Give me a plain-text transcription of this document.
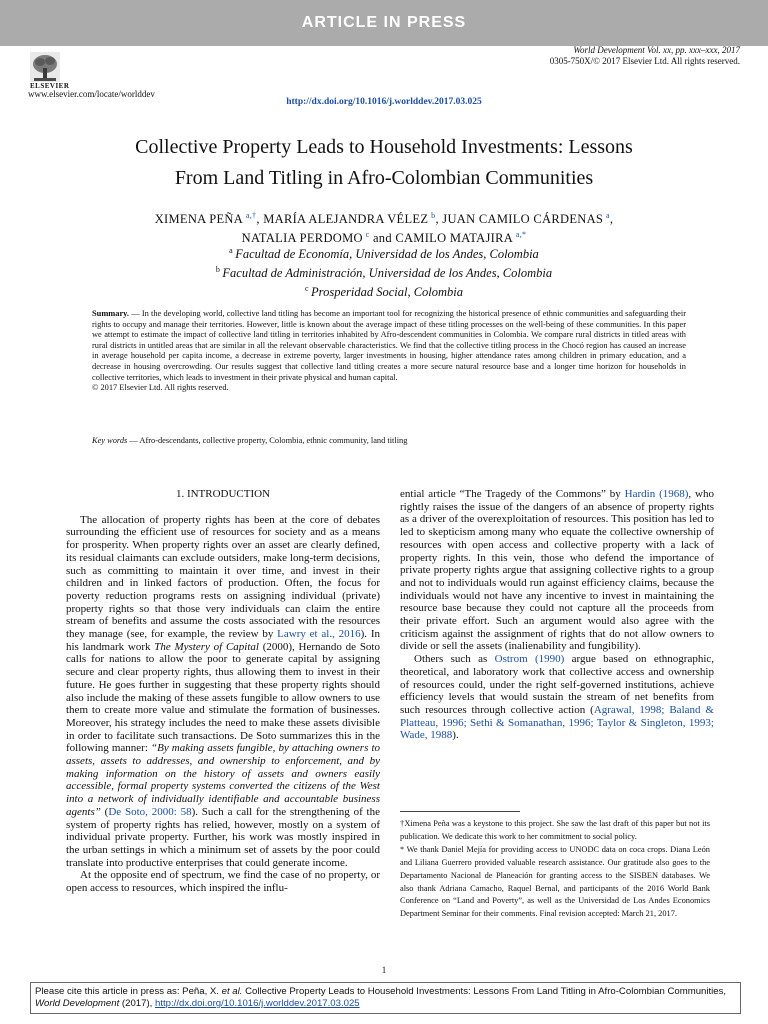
ARTICLE IN PRESS
ELSEVIER
www.elsevier.com/locate/worlddev
World Development Vol. xx, pp. xxx–xxx, 2017
0305-750X/© 2017 Elsevier Ltd. All rights reserved.
http://dx.doi.org/10.1016/j.worlddev.2017.03.025
Collective Property Leads to Household Investments: Lessons
From Land Titling in Afro-Colombian Communities
XIMENA PEÑA  $^{a,\dagger}$, MARÍA ALEJANDRA VÉLEZ  $^b$, JUAN CAMILO CÁRDENAS  $^a$,
NATALIA PERDOMO  $^c$ and CAMILO MATAJIRA  $^{a,*}$
$^a$  Facultad de Economía, Universidad de los Andes, Colombia
$^b$  Facultad de Administración, Universidad de los Andes, Colombia
$^c$  Prosperidad Social, Colombia
Summary. — In the developing world, collective land titling has become an important tool for recognizing the historical presence of ethnic communities and safeguarding their rights to occupy and manage their territories. However, little is known about the average impact of these titling processes on the well-being of these communities. In this paper we attempt to estimate the impact of collective land titling in territories inhabited by Afro-descendent communities in Colombia. We compare rural districts in titled areas with rural districts in untitled areas that are similar in all the relevant observable characteristics. We find that the collective titling process in the Chocó region has caused an increase in average household per capita income, a decrease in extreme poverty, larger investments in housing, higher attendance rates among children in primary education, and a decrease in housing overcrowding. Our results suggest that collective land titling creates a more secure natural resource base and a longer time horizon for households in collective territories, which leads to investment in their private physical and human capital.
© 2017 Elsevier Ltd. All rights reserved.
Key words — Afro-descendants, collective property, Colombia, ethnic community, land titling
1. INTRODUCTION

The allocation of property rights has been at the core of debates surrounding the efficient use of resources for society and as a means for prosperity. When property rights over an asset are clearly defined, its residual claimants can exclude outsiders, make long-term decisions, such as committing to maintain it over time, and invest in their children and in linked factors of production. Often, the focus for poverty reduction programs rests on assigning individual (private) property rights so that those very individuals can claim the entire stream of benefits and assume the costs associated with the resources they manage (see, for example, the review by Lawry et al., 2016). In his landmark work The Mystery of Capital (2000), Hernando de Soto calls for nations to allow the poor to generate capital by assigning secure and clear property rights, thus allowing them to invest in their future. He goes further in suggesting that these property rights should also include the making of these assets fungible to allow owners to use them to create more value and stimulate the formation of businesses. Moreover, his strategy includes the need to make these assets divisible in order to facilitate such transactions. De Soto summarizes this in the following manner: “By making assets fungible, by attaching owners to assets, assets to addresses, and ownership to enforcement, and by making information on the history of assets and owners easily accessible, formal property systems converted the citizens of the West into a network of individually identifiable and accountable business agents” (De Soto, 2000: 58). Such a call for the strengthening of the system of property rights has relied, however, mostly on a system of individual private property. Further, his work was mostly inspired in the urban settings in which a minimum set of assets by the poor could translate into productive enterprises that could generate income.

At the opposite end of spectrum, we find the case of no property, or open access to resources, which inspired the influ-

ential article “The Tragedy of the Commons” by Hardin (1968), who rightly raises the issue of the dangers of an absence of property rights as a driver of the overexploitation of resources. This position has led to led to skepticism among many who equate the collective ownership of resources with open access and collective property with a lack of property rights. In this vein, those who defend the importance of private property rights argue that assigning collective rights to a group and not to individuals would run against efficiency claims, because the individuals would not have any incentive to invest in maintaining the resource base because they could not capture all the proceeds from their private effort. Such an argument would also agree with the criticism against the assignment of rights that do not allow owners to divide or sell the assets (inalienability and fungibility).

Others such as Ostrom (1990) argue based on ethnographic, theoretical, and laboratory work that collective access and ownership of resources could, under the right self-governed institutions, achieve efficiency levels that would sustain the stream of net benefits from such resources through collective action (Agrawal, 1998; Baland & Platteau, 1996; Sethi & Somanathan, 1996; Taylor & Singleton, 1993; Wade, 1988).

†Ximena Peña was a keystone to this project. She saw the last draft of this paper but not its publication. We dedicate this work to her commitment to social policy.

* We thank Daniel Mejía for providing access to UNODC data on coca crops. Diana León and Liliana Guerrero provided valuable research assistance. Our gratitude also goes to the Departamento Nacional de Planeación for granting access to the SISBEN databases. We also thank Adriana Camacho, Raquel Bernal, and participants of the 2016 World Bank Conference on “Land and Poverty”, as well as the Universidad de Los Andes Economics Department Seminar for their comments. Final revision accepted: March 21, 2017.

1
Please cite this article in press as: Peña, X. et al. Collective Property Leads to Household Investments: Lessons From Land Titling in Afro-Colombian Communities, World Development (2017), http://dx.doi.org/10.1016/j.worlddev.2017.03.025
